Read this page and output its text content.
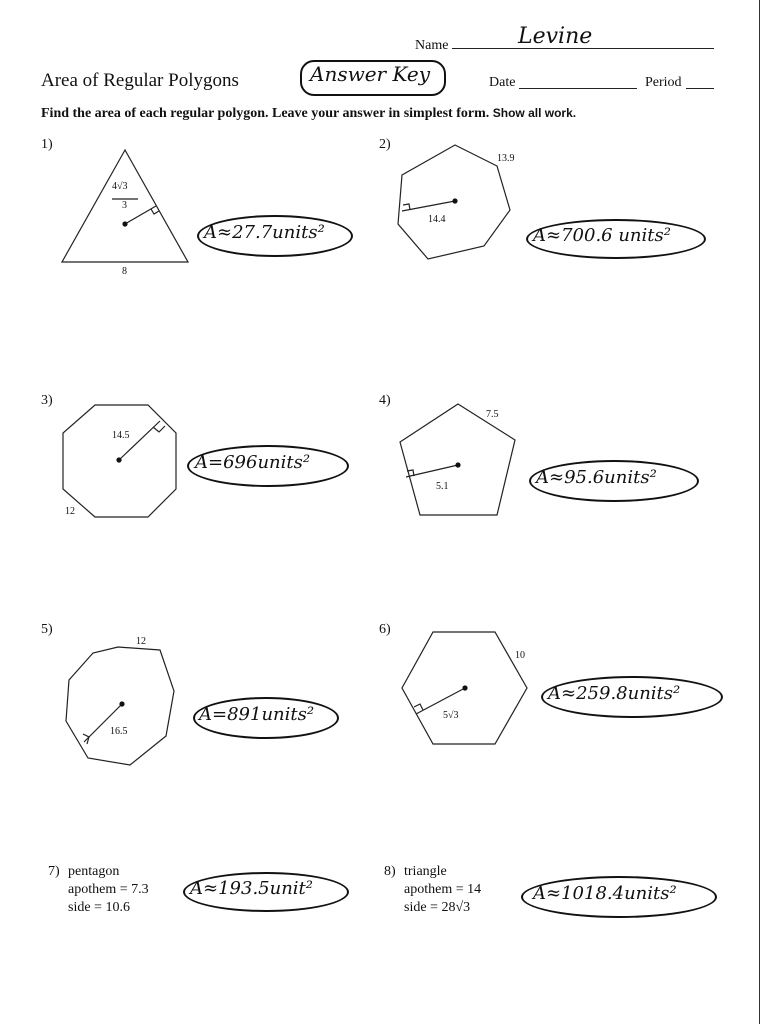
Name	Levine
Area of Regular Polygons	Answer Key	Date	Period
Find the area of each regular polygon. Leave your answer in simplest form. Show all work.
1)
4√3
3
8
A≈27.7units²
2)
13.9
14.4
A≈700.6 units²
3)
14.5
12
A=696units²
4)
7.5
5.1	A≈95.6units²
5)
12
16.5
A=891units²
6)
10
5√3
A≈259.8units²
7) pentagon
apothem = 7.3
side = 10.6
A≈193.5unit²
8) triangle
apothem = 14
side = 28√3
A≈1018.4units²
